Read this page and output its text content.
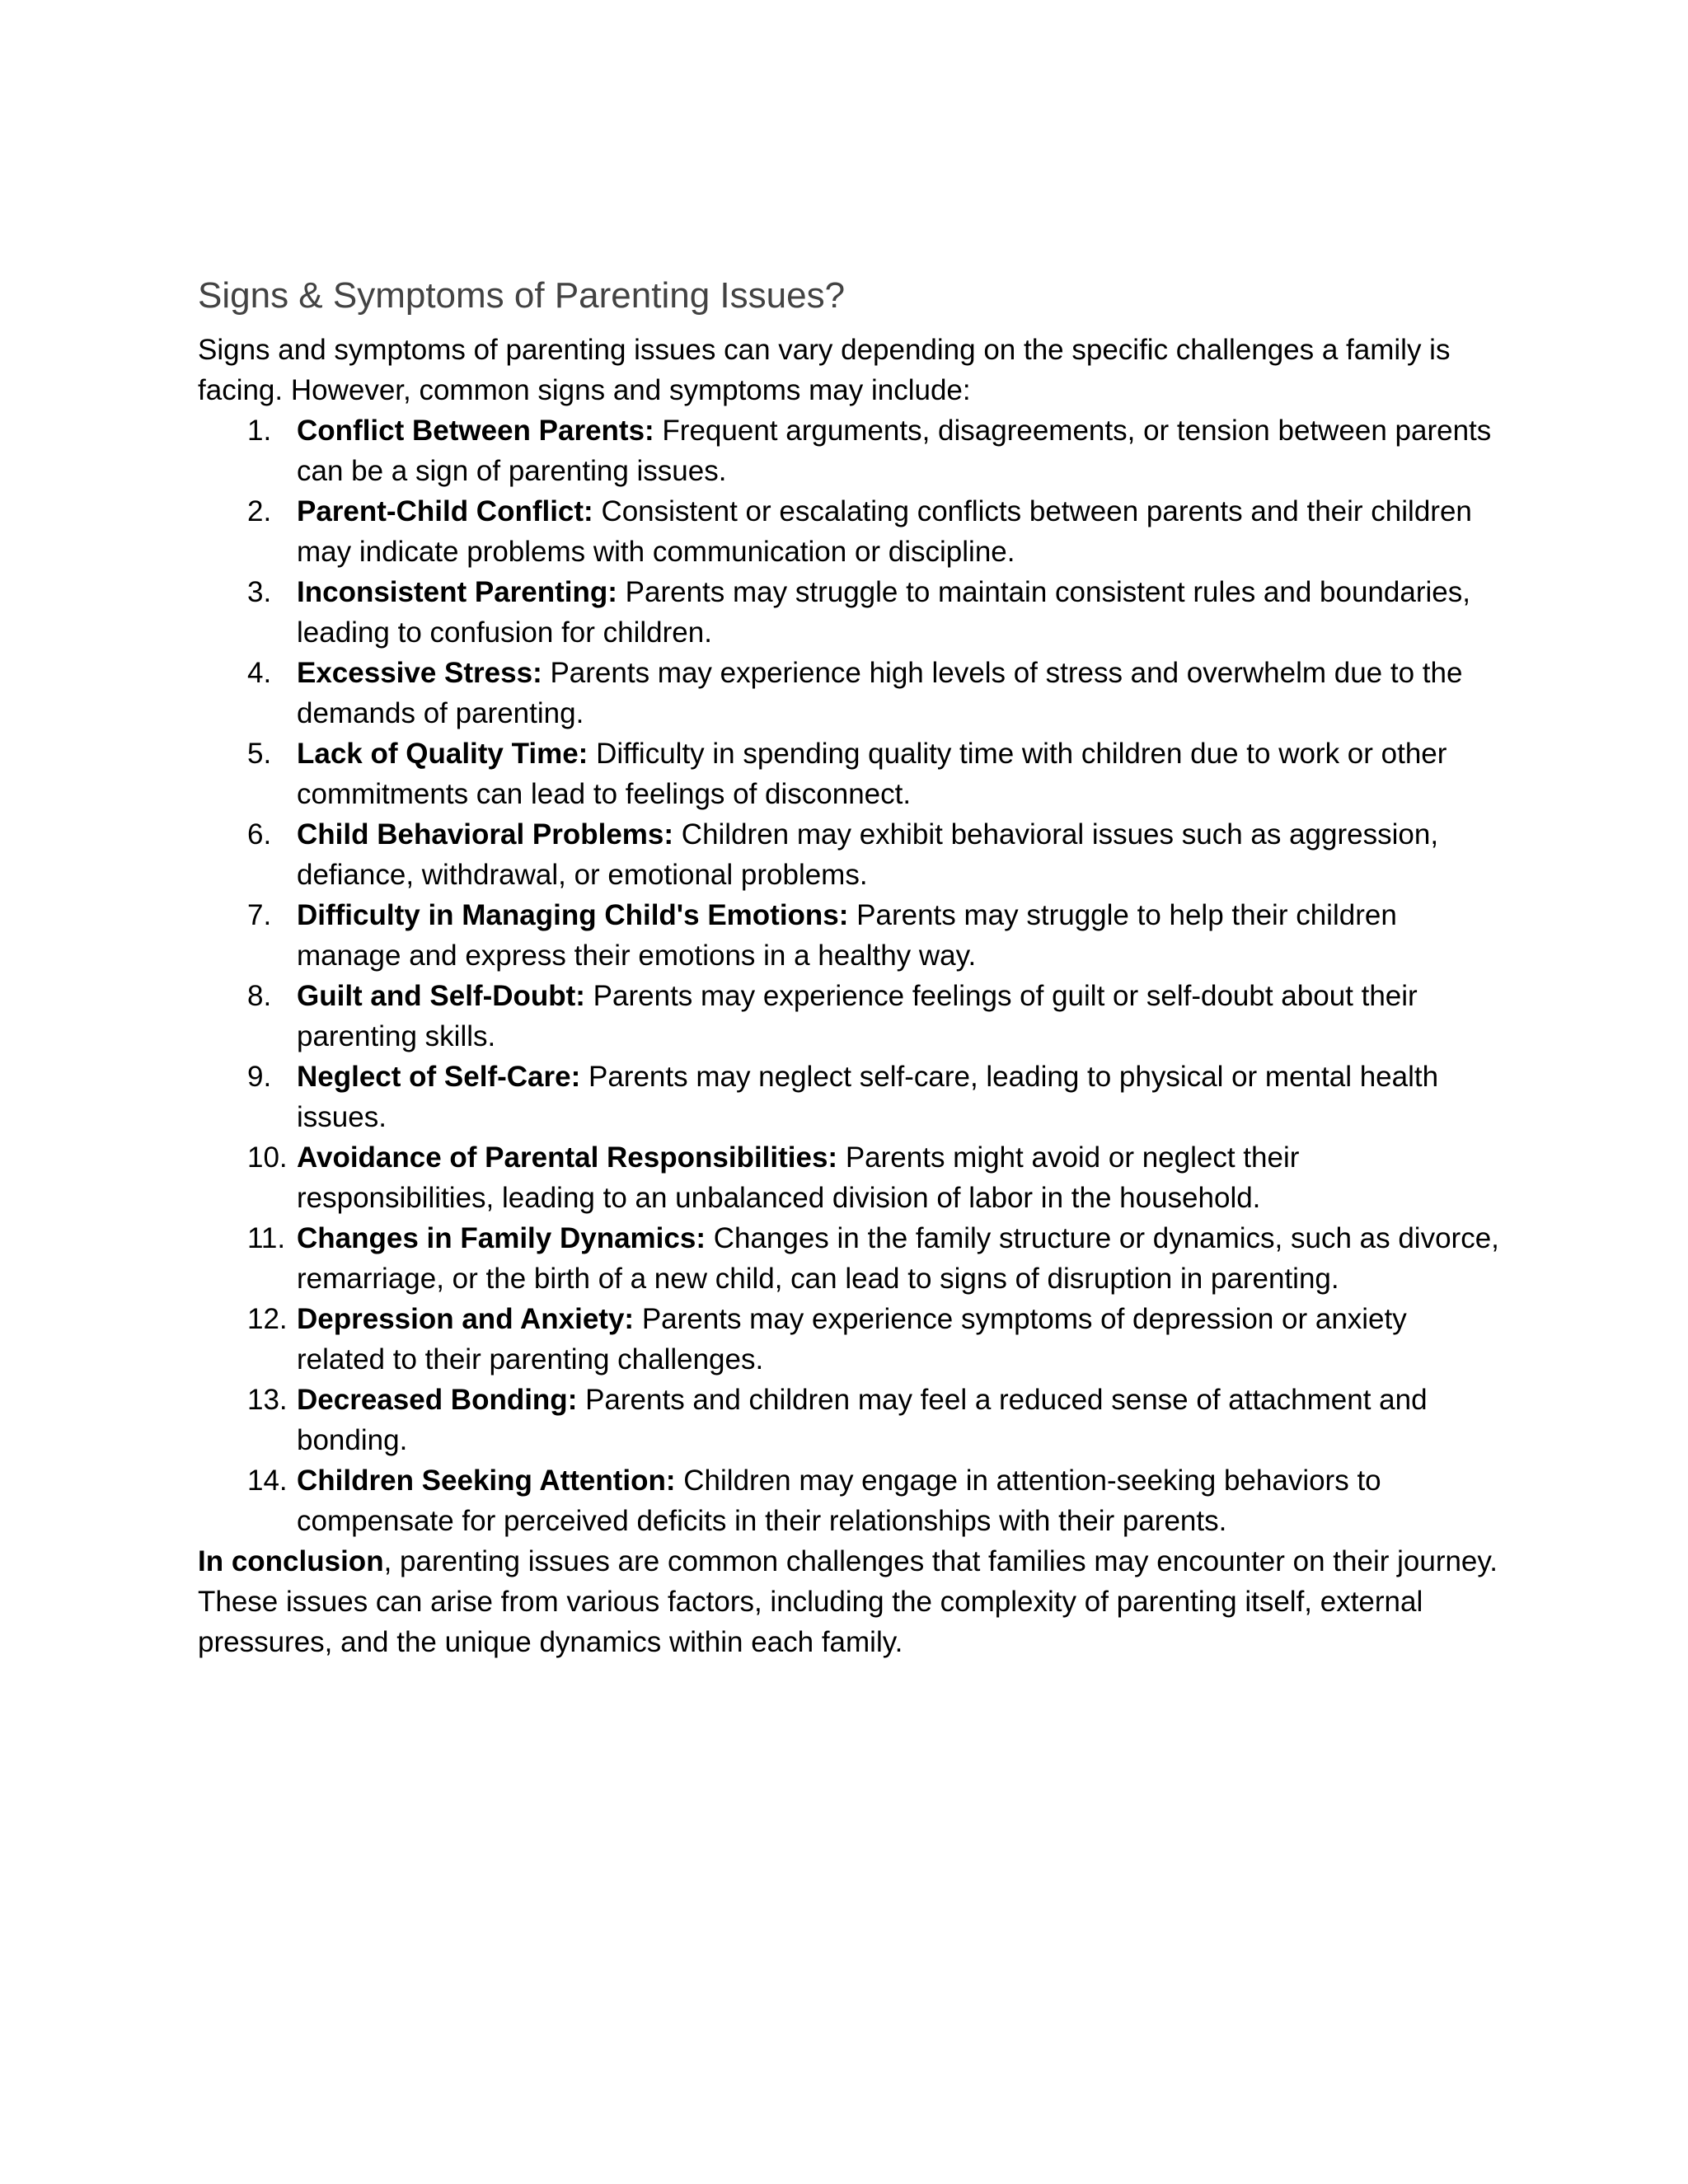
Signs & Symptoms of Parenting Issues?

Signs and symptoms of parenting issues can vary depending on the specific challenges a family is facing. However, common signs and symptoms may include:

1. Conflict Between Parents: Frequent arguments, disagreements, or tension between parents can be a sign of parenting issues.
2. Parent-Child Conflict: Consistent or escalating conflicts between parents and their children may indicate problems with communication or discipline.
3. Inconsistent Parenting: Parents may struggle to maintain consistent rules and boundaries, leading to confusion for children.
4. Excessive Stress: Parents may experience high levels of stress and overwhelm due to the demands of parenting.
5. Lack of Quality Time: Difficulty in spending quality time with children due to work or other commitments can lead to feelings of disconnect.
6. Child Behavioral Problems: Children may exhibit behavioral issues such as aggression, defiance, withdrawal, or emotional problems.
7. Difficulty in Managing Child's Emotions: Parents may struggle to help their children manage and express their emotions in a healthy way.
8. Guilt and Self-Doubt: Parents may experience feelings of guilt or self-doubt about their parenting skills.
9. Neglect of Self-Care: Parents may neglect self-care, leading to physical or mental health issues.
10. Avoidance of Parental Responsibilities: Parents might avoid or neglect their responsibilities, leading to an unbalanced division of labor in the household.
11. Changes in Family Dynamics: Changes in the family structure or dynamics, such as divorce, remarriage, or the birth of a new child, can lead to signs of disruption in parenting.
12. Depression and Anxiety: Parents may experience symptoms of depression or anxiety related to their parenting challenges.
13. Decreased Bonding: Parents and children may feel a reduced sense of attachment and bonding.
14. Children Seeking Attention: Children may engage in attention-seeking behaviors to compensate for perceived deficits in their relationships with their parents.

In conclusion, parenting issues are common challenges that families may encounter on their journey. These issues can arise from various factors, including the complexity of parenting itself, external pressures, and the unique dynamics within each family.
